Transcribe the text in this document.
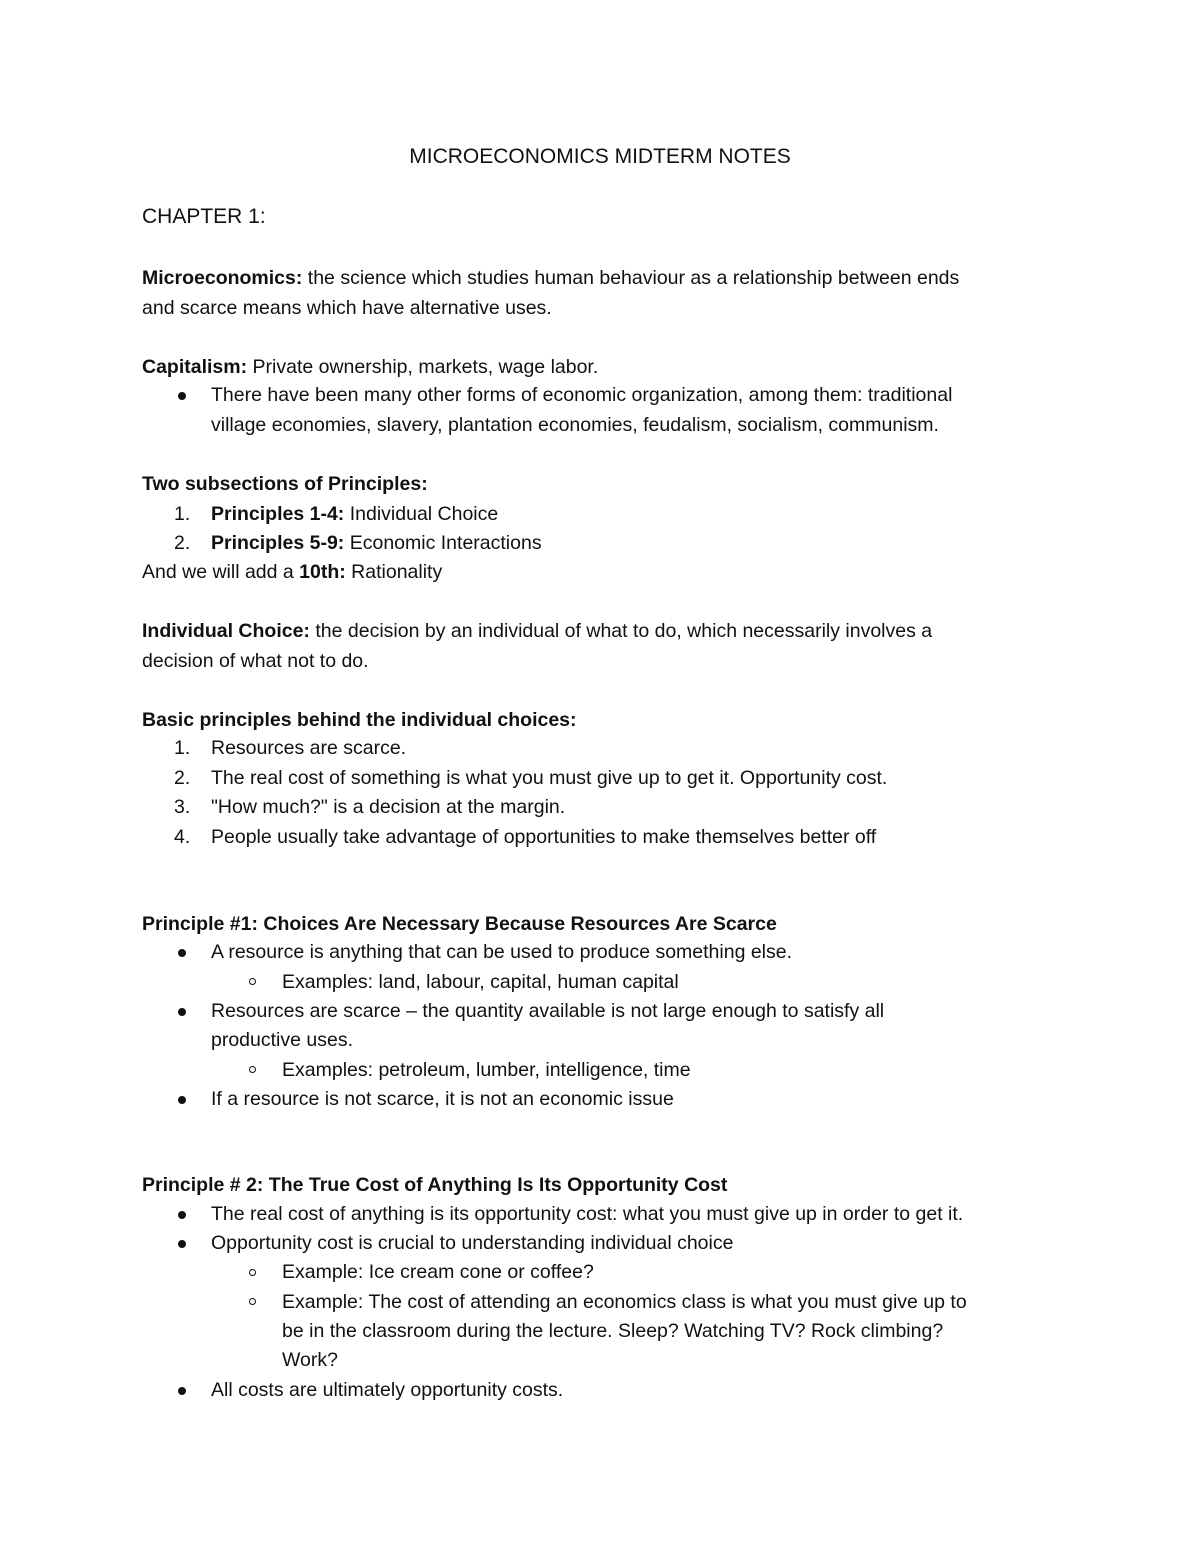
MICROECONOMICS MIDTERM NOTES
CHAPTER 1:
Microeconomics: the science which studies human behaviour as a relationship between ends
and scarce means which have alternative uses.
Capitalism: Private ownership, markets, wage labor.
There have been many other forms of economic organization, among them: traditional
village economies, slavery, plantation economies, feudalism, socialism, communism.
Two subsections of Principles:
1. Principles 1-4: Individual Choice
2. Principles 5-9: Economic Interactions
And we will add a 10th: Rationality
Individual Choice: the decision by an individual of what to do, which necessarily involves a
decision of what not to do.
Basic principles behind the individual choices:
1. Resources are scarce.
2. The real cost of something is what you must give up to get it. Opportunity cost.
3. "How much?" is a decision at the margin.
4. People usually take advantage of opportunities to make themselves better off
Principle #1: Choices Are Necessary Because Resources Are Scarce
A resource is anything that can be used to produce something else.
Examples: land, labour, capital, human capital
Resources are scarce – the quantity available is not large enough to satisfy all
productive uses.
Examples: petroleum, lumber, intelligence, time
If a resource is not scarce, it is not an economic issue
Principle # 2: The True Cost of Anything Is Its Opportunity Cost
The real cost of anything is its opportunity cost: what you must give up in order to get it.
Opportunity cost is crucial to understanding individual choice
Example: Ice cream cone or coffee?
Example: The cost of attending an economics class is what you must give up to
be in the classroom during the lecture. Sleep? Watching TV? Rock climbing?
Work?
All costs are ultimately opportunity costs.
